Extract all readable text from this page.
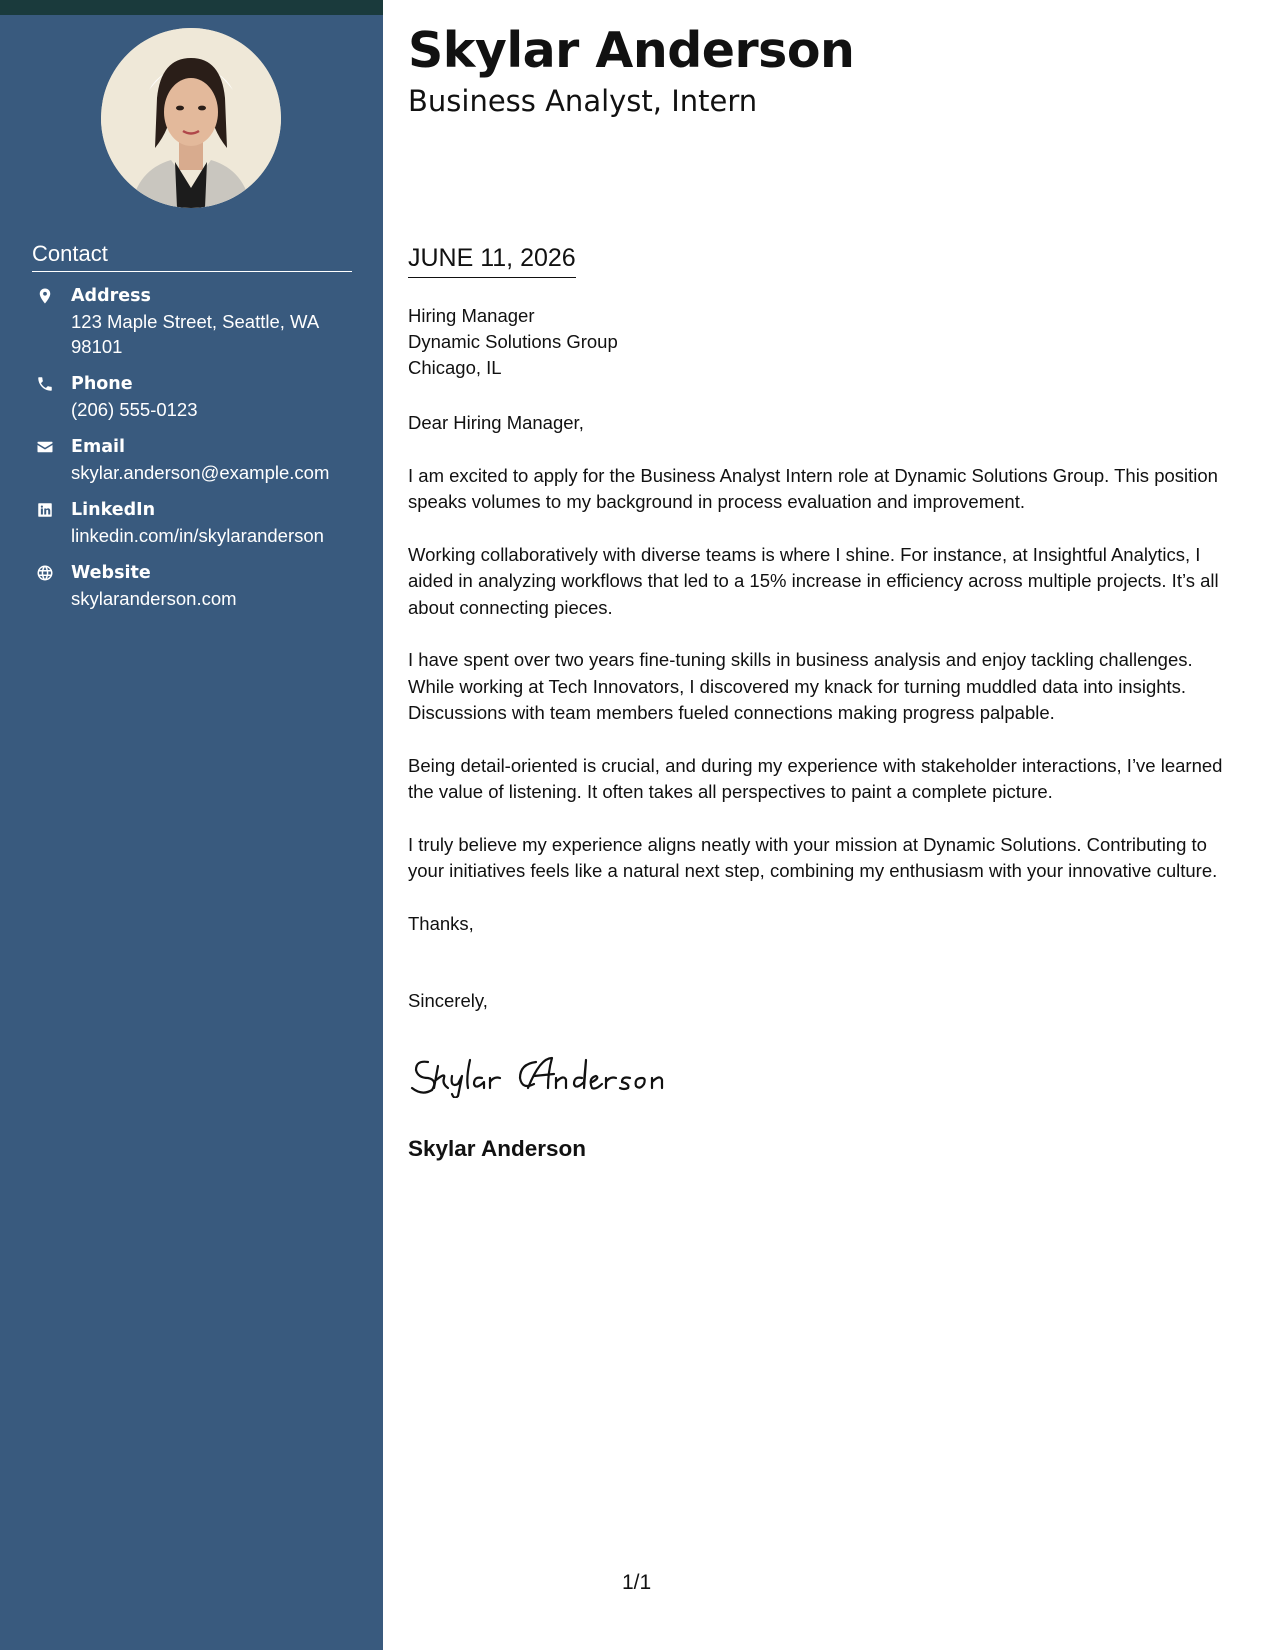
Contact
Address
123 Maple Street, Seattle, WA 98101
Phone
(206) 555-0123
Email
skylar.anderson@example.com
LinkedIn
linkedin.com/in/skylaranderson
Website
skylaranderson.com
Skylar Anderson
Business Analyst, Intern
JUNE 11, 2026
Hiring Manager
Dynamic Solutions Group
Chicago, IL

Dear Hiring Manager,

I am excited to apply for the Business Analyst Intern role at Dynamic Solutions Group. This position speaks volumes to my background in process evaluation and improvement.

Working collaboratively with diverse teams is where I shine. For instance, at Insightful Analytics, I aided in analyzing workflows that led to a 15% increase in efficiency across multiple projects. It’s all about connecting pieces.

I have spent over two years fine-tuning skills in business analysis and enjoy tackling challenges. While working at Tech Innovators, I discovered my knack for turning muddled data into insights. Discussions with team members fueled connections making progress palpable.

Being detail-oriented is crucial, and during my experience with stakeholder interactions, I’ve learned the value of listening. It often takes all perspectives to paint a complete picture.

I truly believe my experience aligns neatly with your mission at Dynamic Solutions. Contributing to your initiatives feels like a natural next step, combining my enthusiasm with your innovative culture.

Thanks,

Sincerely,
Skylar Anderson
1/1
